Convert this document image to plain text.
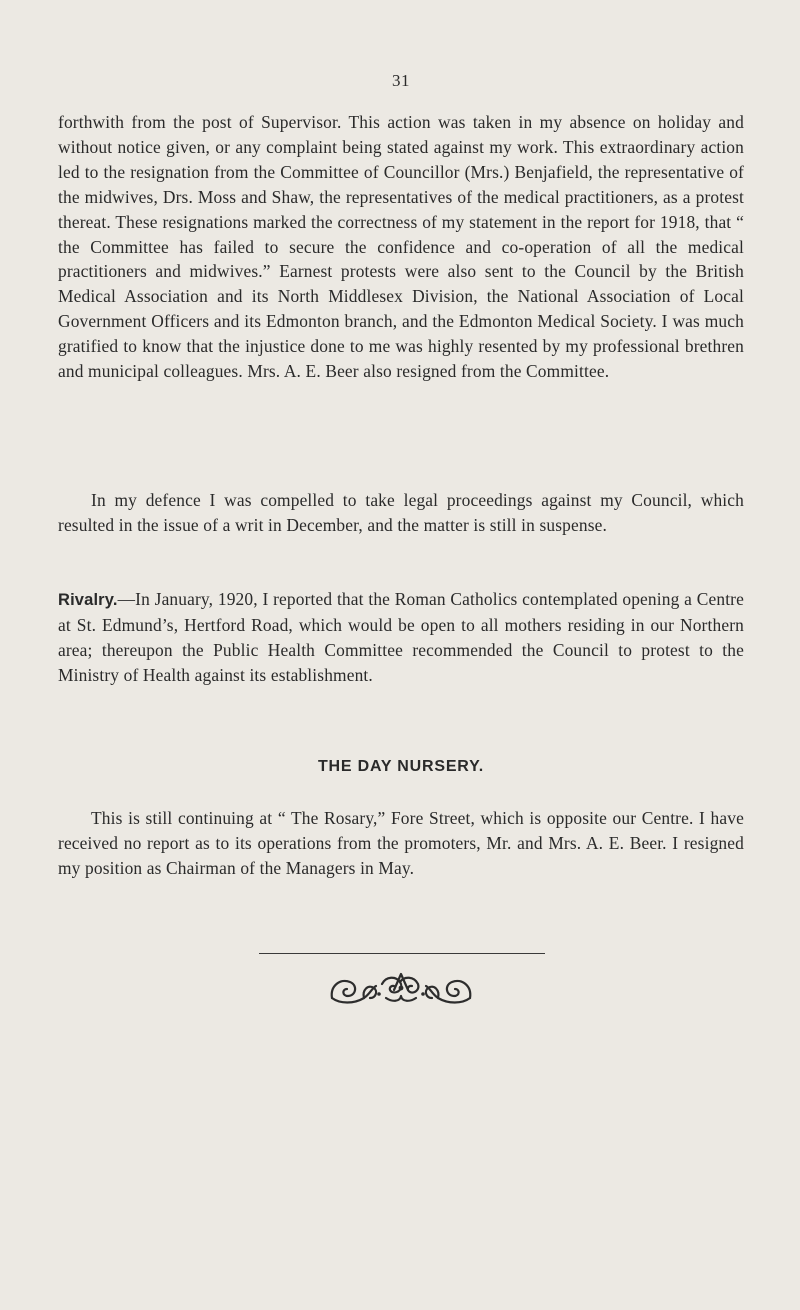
31

forthwith from the post of Supervisor. This action was taken in my absence on holiday and without notice given, or any complaint being stated against my work. This extraordinary action led to the resignation from the Committee of Councillor (Mrs.) Benjafield, the representative of the midwives, Drs. Moss and Shaw, the representatives of the medical practitioners, as a protest thereat. These resignations marked the correctness of my statement in the report for 1918, that “ the Committee has failed to secure the confidence and co-operation of all the medical practitioners and midwives.” Earnest protests were also sent to the Council by the British Medical Association and its North Middlesex Division, the National Association of Local Government Officers and its Edmonton branch, and the Edmonton Medical Society. I was much gratified to know that the injustice done to me was highly resented by my professional brethren and municipal colleagues. Mrs. A. E. Beer also resigned from the Committee.

In my defence I was compelled to take legal proceedings against my Council, which resulted in the issue of a writ in December, and the matter is still in suspense.

Rivalry.—In January, 1920, I reported that the Roman Catholics contemplated opening a Centre at St. Edmund’s, Hertford Road, which would be open to all mothers residing in our Northern area; thereupon the Public Health Committee recommended the Council to protest to the Ministry of Health against its establishment.

THE DAY NURSERY.

This is still continuing at “ The Rosary,” Fore Street, which is opposite our Centre. I have received no report as to its operations from the promoters, Mr. and Mrs. A. E. Beer. I resigned my position as Chairman of the Managers in May.
